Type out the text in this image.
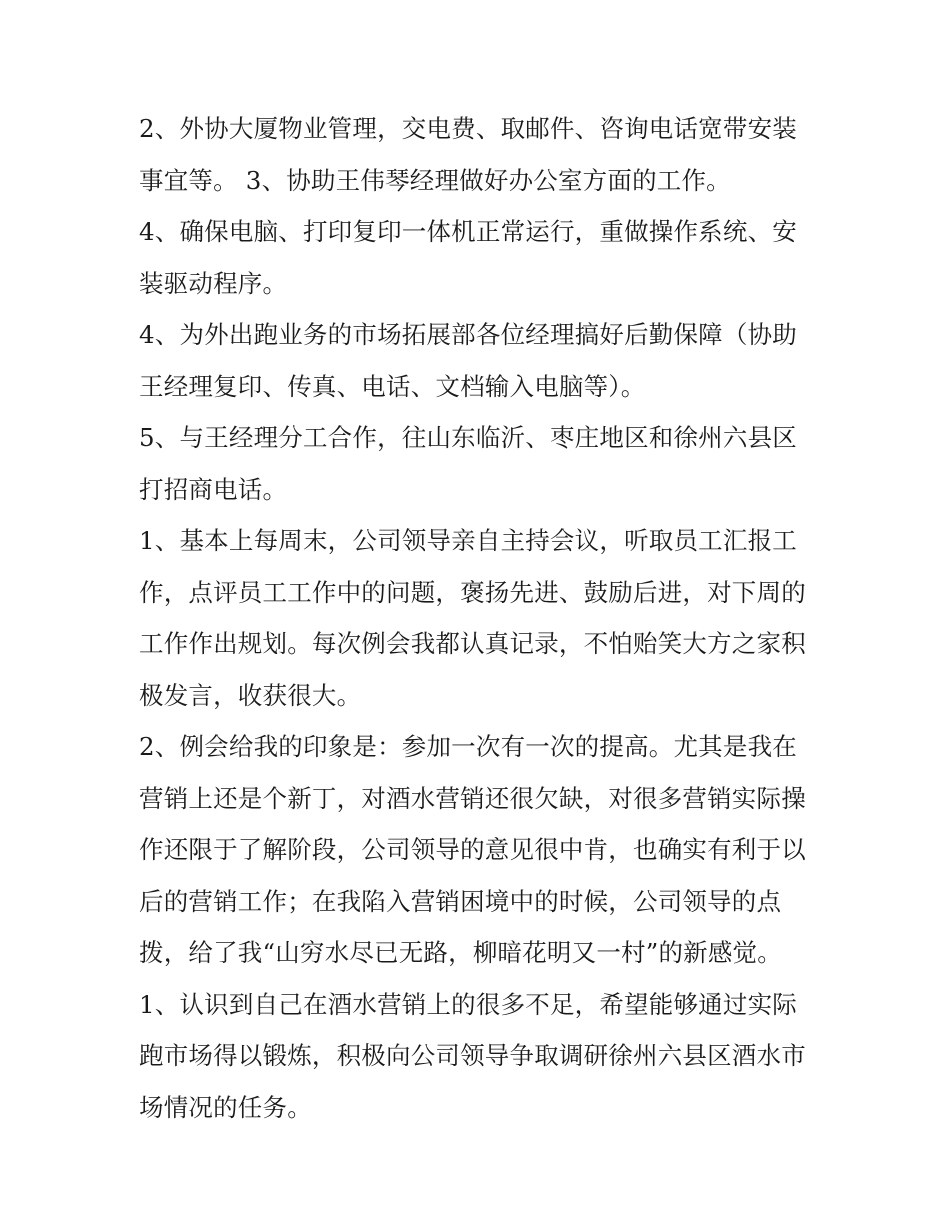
2、外协大厦物业管理，交电费、取邮件、咨询电话宽带安装事宜等。 3、协助王伟琴经理做好办公室方面的工作。

4、确保电脑、打印复印一体机正常运行，重做操作系统、安装驱动程序。

4、为外出跑业务的市场拓展部各位经理搞好后勤保障（协助王经理复印、传真、电话、文档输入电脑等）。

5、与王经理分工合作，往山东临沂、枣庄地区和徐州六县区打招商电话。

1、基本上每周末，公司领导亲自主持会议，听取员工汇报工作，点评员工工作中的问题，褒扬先进、鼓励后进，对下周的工作作出规划。每次例会我都认真记录，不怕贻笑大方之家积极发言，收获很大。

2、例会给我的印象是：参加一次有一次的提高。尤其是我在营销上还是个新丁，对酒水营销还很欠缺，对很多营销实际操作还限于了解阶段，公司领导的意见很中肯，也确实有利于以后的营销工作；在我陷入营销困境中的时候，公司领导的点拨，给了我“山穷水尽已无路，柳暗花明又一村”的新感觉。

1、认识到自己在酒水营销上的很多不足，希望能够通过实际跑市场得以锻炼，积极向公司领导争取调研徐州六县区酒水市场情况的任务。
